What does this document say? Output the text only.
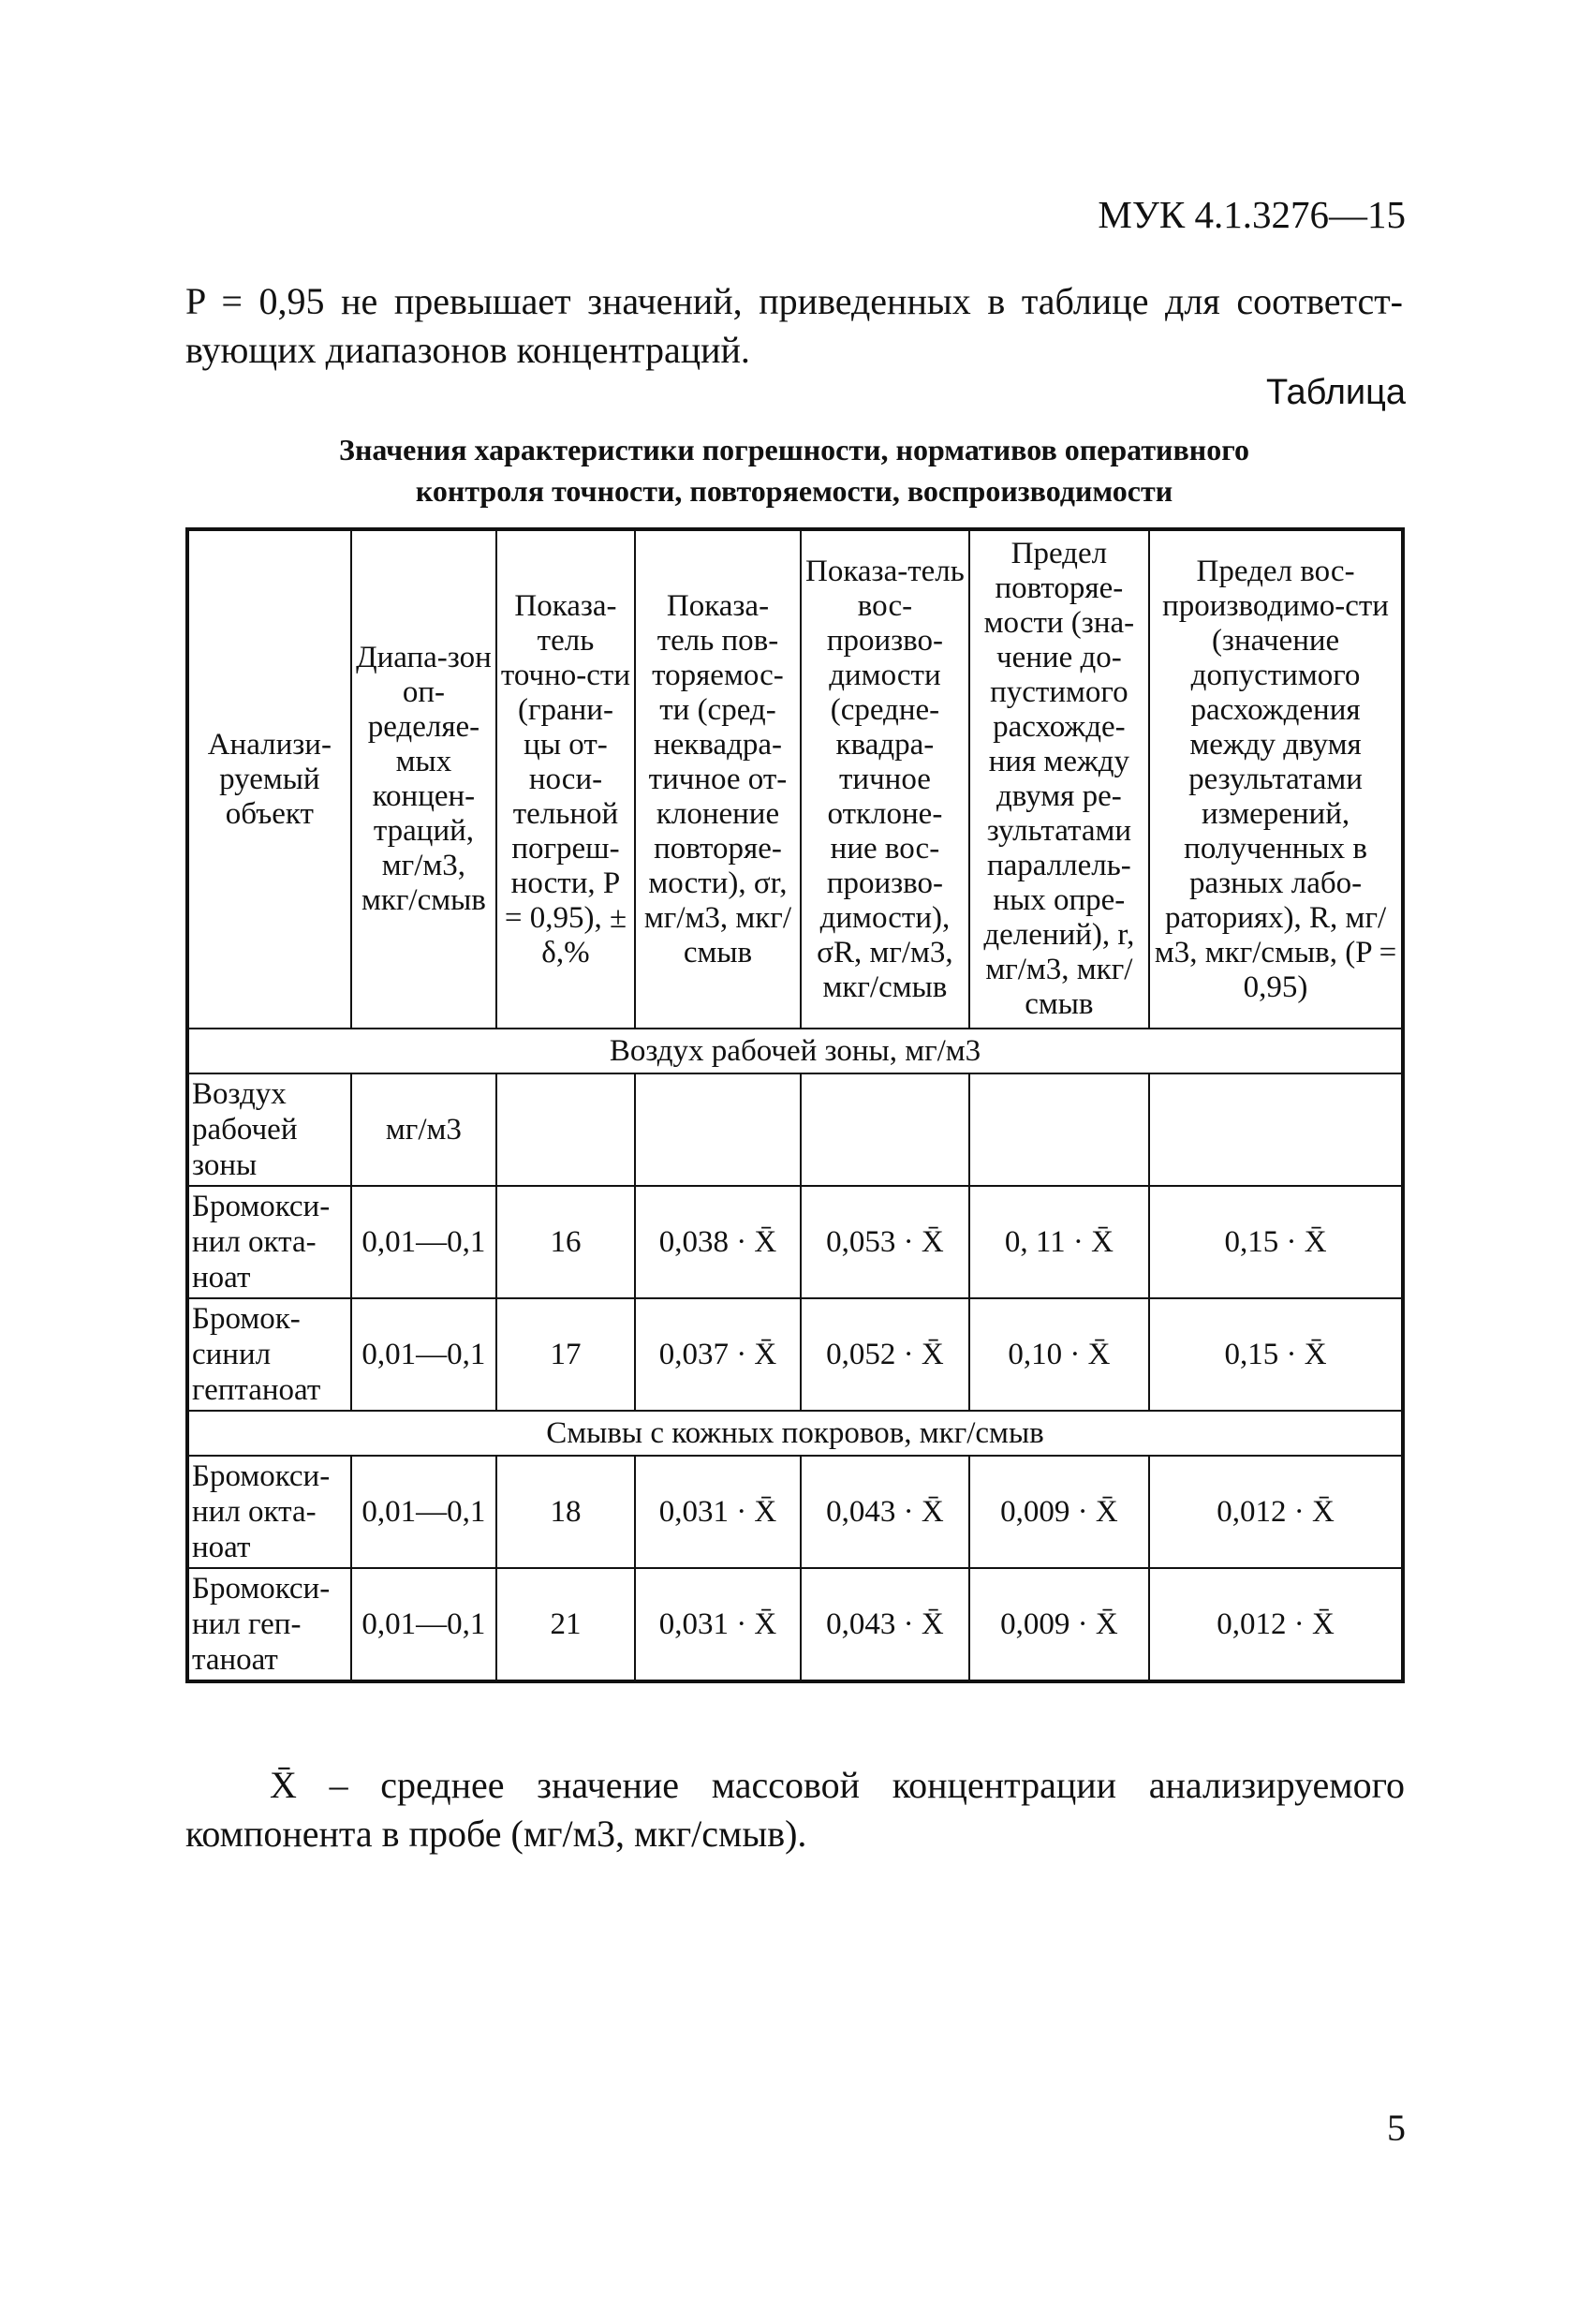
МУК 4.1.3276—15

P = 0,95 не превышает значений, приведенных в таблице для соответст-

вующих диапазонов концентраций.

Таблица
Значения характеристики погрешности, нормативов оперативного
контроля точности, повторяемости, воспроизводимости
Анализи-руемый объект	Диапа-зон оп-ределяе-мых концен-траций, мг/м3, мкг/смыв	Показа-тель точно-сти (грани-цы от-носи-тельной погреш-ности, P = 0,95), ± δ,%	Показа-тель пов-торяемос-ти (сред-неквадра-тичное от-клонение повторяе-мости), σr, мг/м3, мкг/смыв	Показа-тель вос-произво-димости (средне-квадра-тичное отклоне-ние вос-произво-димости), σR, мг/м3, мкг/смыв	Предел повторяе-мости (зна-чение до-пустимого расхожде-ния между двумя ре-зультатами параллель-ных опре-делений), r, мг/м3, мкг/смыв	Предел вос-производимо-сти (значение допустимого расхождения между двумя результатами измерений, полученных в разных лабо-раториях), R, мг/м3, мкг/смыв, (P = 0,95)
Воздух рабочей зоны, мг/м3						
Воздух рабочей зоны	мг/м3					
Бромокси-нил окта-ноат	0,01—0,1	16	0,038 · X̄	0,053 · X̄	0, 11 · X̄	0,15 · X̄
Бромок-синил гептаноат	0,01—0,1	17	0,037 · X̄	0,052 · X̄	0,10 · X̄	0,15 · X̄
Смывы с кожных покровов, мкг/смыв						
Бромокси-нил окта-ноат	0,01—0,1	18	0,031 · X̄	0,043 · X̄	0,009 · X̄	0,012 · X̄
Бромокси-нил геп-таноат	0,01—0,1	21	0,031 · X̄	0,043 · X̄	0,009 · X̄	0,012 · X̄
X̄ – среднее значение массовой концентрации анализируемого
компонента в пробе (мг/м3, мкг/смыв).
5
